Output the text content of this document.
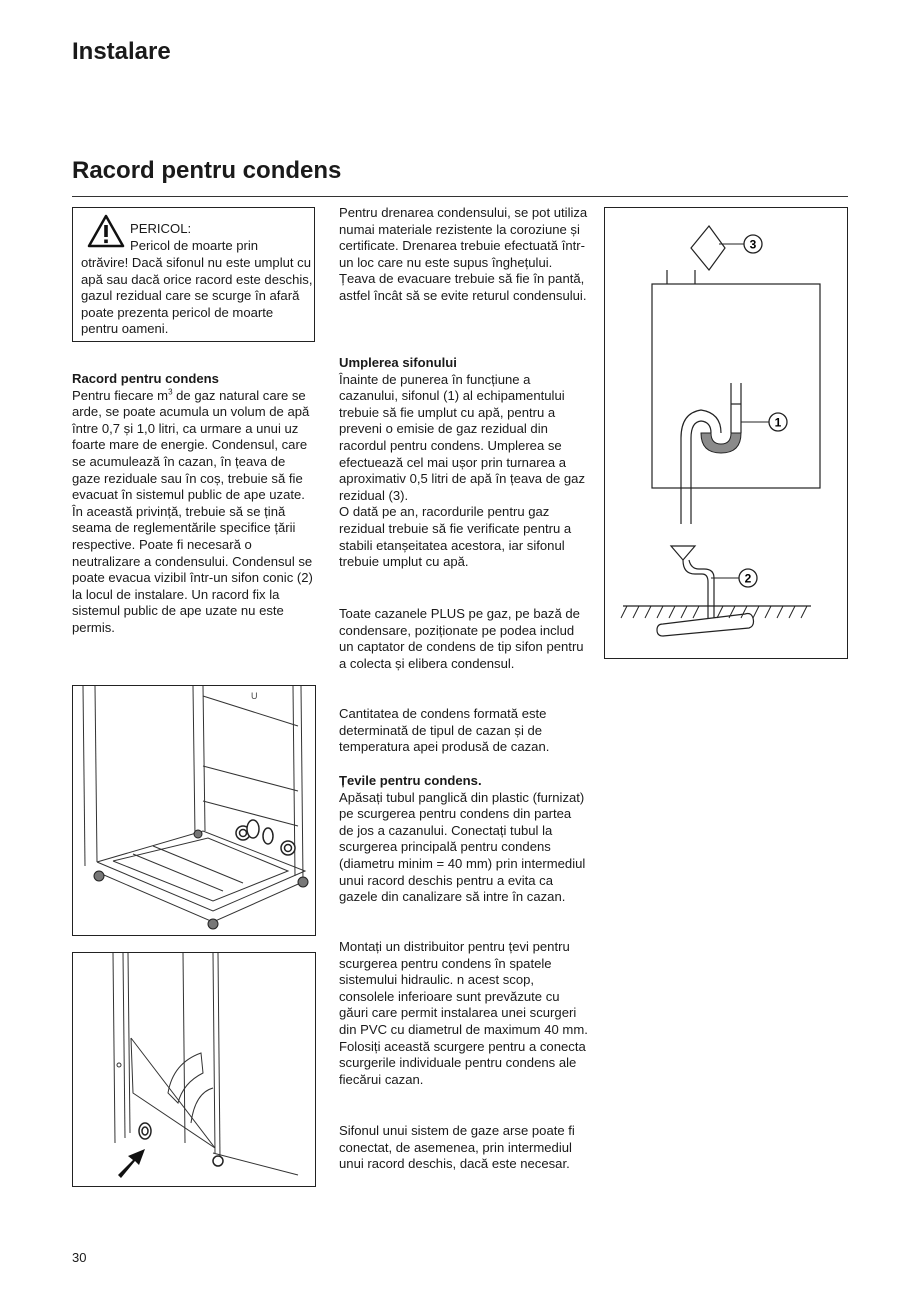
Instalare
Racord pentru condens

PERICOL:

Pericol de moarte prin

otrăvire! Dacă sifonul nu este umplut cu apă sau dacă orice racord este deschis, gazul rezidual care se scurge în afară poate prezenta pericol de moarte pentru oameni.

Racord pentru condens
Pentru fiecare $m^3$ de gaz natural care se arde, se poate acumula un volum de apă între 0,7 și 1,0 litri, ca urmare a unui uz foarte mare de energie. Condensul, care se acumulează în cazan, în țeava de gaze reziduale sau în coș, trebuie să fie evacuat în sistemul public de ape uzate.

În această privință, trebuie să se țină seama de reglementările specifice țării respective. Poate fi necesară o neutralizare a condensului. Condensul se poate evacua vizibil într-un sifon conic (2) la locul de instalare. Un racord fix la sistemul public de ape uzate nu este permis.

Pentru drenarea condensului, se pot utiliza numai materiale rezistente la coroziune și certificate. Drenarea trebuie efectuată într-un loc care nu este supus înghețului. Țeava de evacuare trebuie să fie în pantă, astfel încât să se evite returul condensului.

Umplerea sifonului
Înainte de punerea în funcțiune a cazanului, sifonul (1) al echipamentului trebuie să fie umplut cu apă, pentru a preveni o emisie de gaz rezidual din racordul pentru condens. Umplerea se efectuează cel mai ușor prin turnarea a aproximativ 0,5 litri de apă în țeava de gaz rezidual (3).

O dată pe an, racordurile pentru gaz rezidual trebuie să fie verificate pentru a stabili etanșeitatea acestora, iar sifonul trebuie umplut cu apă.

Toate cazanele PLUS pe gaz, pe bază de condensare, poziționate pe podea includ un captator de condens de tip sifon pentru a colecta și elibera condensul.

Cantitatea de condens formată este determinată de tipul de cazan și de temperatura apei produsă de cazan.

Țevile pentru condens.
Apăsați tubul panglică din plastic (furnizat) pe scurgerea pentru condens din partea de jos a cazanului. Conectați tubul la scurgerea principală pentru condens (diametru minim = 40 mm) prin intermediul unui racord deschis pentru a evita ca gazele din canalizare să intre în cazan.

Montați un distribuitor pentru țevi pentru scurgerea pentru condens în spatele sistemului hidraulic. n acest scop, consolele inferioare sunt prevăzute cu găuri care permit instalarea unei scurgeri din PVC cu diametrul de maximum 40 mm. Folosiți această scurgere pentru a conecta scurgerile individuale pentru condens ale fiecărui cazan.

Sifonul unui sistem de gaze arse poate fi conectat, de asemenea, prin intermediul unui racord deschis, dacă este necesar.

U
3
1
2
30
